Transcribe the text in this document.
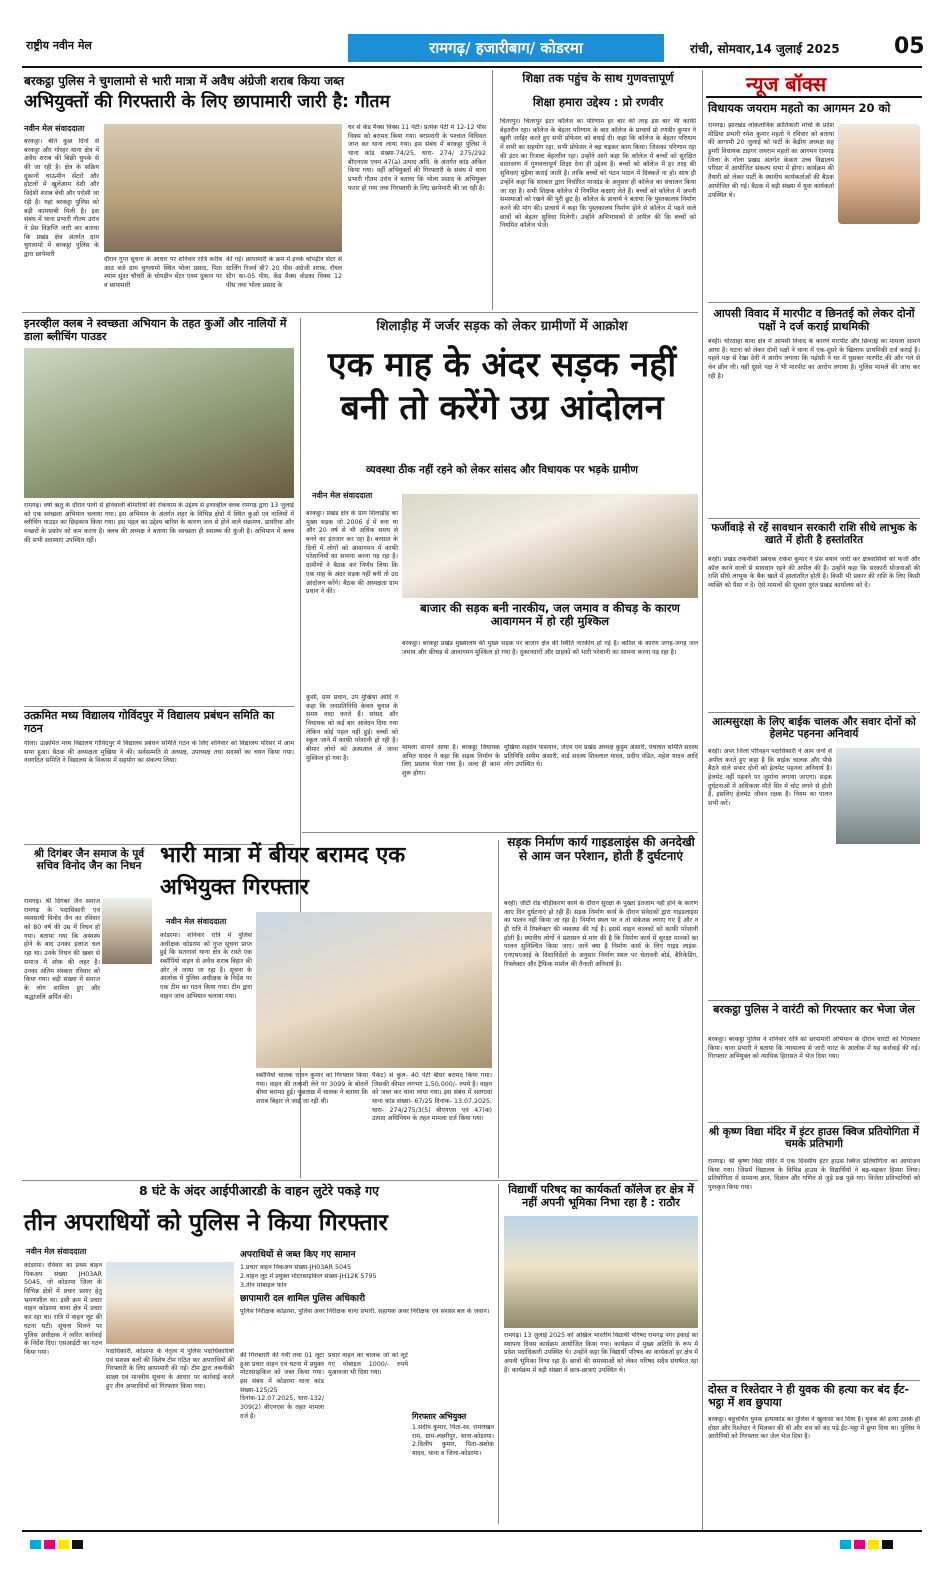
राष्ट्रीय नवीन मेल	रामगढ़/ हजारीबाग/ कोडरमा	रांची, सोमवार,14 जुलाई 2025 05
बरकट्ठा पुलिस ने चुगलामो से भारी मात्रा में अवैध अंग्रेजी शराब किया जब्त
अभियुक्तों की गिरफ्तारी के लिए छापामारी जारी है: गौतम
नवीन मेल संवाददाता
बरकट्ठा। बीते कुछ दिनों से बरकट्ठा और गोरहर थाना क्षेत्र में अवैध शराब की बिक्री चुपके से की जा रही है। क्षेत्र के सक्रिय दुकानों चाऊमीन सेंटरों और होटलों में खुलेआम देशी और विदेशी शराब बेची और परोसी जा रही है। यहां बरकट्ठा पुलिस को बड़ी कामयाबी मिली है। इस संबंध में थाना प्रभारी गौतम उरांव ने प्रेस विज्ञप्ति जारी कर बताया कि प्रखंड क्षेत्र अंतर्गत ग्राम चुगलामो में बरकट्ठा पुलिस के द्वारा छापेमारी
दौरान गुप्त सूचना के आधार पर शनिवार रात्रि करीब आठ बजे ग्राम चुगलामो स्थित भोला प्रसाद, पिता श्याम सुंदर चौधरी के चोपड़ीन सेंटर एवम दुकान पर व छापामारी
की गई। छापामारी के क्रम में इनके चोपड़ीन सेंटर से स्टर्लिंग रिजर्व बी7 20 पीस अंग्रेजी शराब, रॉयल स्टैग का-05 पीस, केंड मैक्स वोडका विक्स 12 पीस तथा भोला प्रसाद के
घर से केंड मैक्स विक्स 11 पेटी। प्रत्येक पेटी में 12-12 पीस विक्स को बरामद किया गया। बरामदगी के पश्चात विधिवत जप्त कर थाना लाया गया। इस संबंध में बरकट्ठा पुलिस ने थाना कांड संख्या-74/25, धारा- 274/ 275/292 बीएनएस एवम 47(a) उत्पाद अधि. के अंतर्गत कांड अंकित किया गया। वहीं अभियुक्तों की गिरफ्तारी के संबंध में थाना प्रभारी गौतम उरांव ने बताया कि भोला प्रसाद के अभियुक्त फरार हो गया तथा गिरफ्तारी के लिए छापेमारी की जा रही है।
शिक्षा तक पहुंच के साथ गुणवत्तापूर्ण
शिक्षा हमारा उद्देश्य : प्रो रणवीर
चितरपुर। चितरपुर इंटर कॉलेज का परिणाम हर बार की तरह इस बार भी काफी बेहतरीन रहा। कॉलेज के बेहतर परिणाम के बाद कॉलेज के प्राचार्य प्रो रणवीर कुमार ने खुशी जाहिर करते हुए सभी प्रोफेसर को बधाई दी। कहा कि कॉलेज के बेहतर परिणाम में सभी का सहयोग रहा, सभी प्रोफेसर ने बढ़ चढ़कर काम किया। जिसका परिणाम रहा की इंटर का रिजल्ट बेहतरीन रहा। उन्होंने आगे कहा कि कॉलेज में बच्चों को सुरक्षित वातावरण में गुणवत्तापूर्ण शिक्षा देना ही उद्देश्य है। बच्चों को कॉलेज में हर तरह की सुविधाएं मुहैया कराई जाती है। ताकि बच्चों को पठन पाठन में दिक्कतें ना हो। साथ ही उन्होंने कहा कि सरकार द्वारा निर्धारित मापदंड के अनुसार ही कॉलेज का संचालन किया जा रहा है। सभी शिक्षक कॉलेज में नियमित कक्षाएं लेते हैं। बच्चों को कॉलेज में अपनी समस्याओं को रखने की पूरी छूट है। कॉलेज के प्राचार्य ने बताया कि पुस्तकालय निर्माण करने की मांग की। प्राचार्य ने कहा कि पुस्तकालय निर्माण होने से कॉलेज में पढ़ने वाले छात्रों को बेहतर सुविधा मिलेगी। उन्होंने अभिभावकों से अपील की कि बच्चों को नियमित कॉलेज भेजें।
न्यूज बॉक्स
विधायक जयराम महतो का आगमन 20 को
रामगढ़। झारखंड लोकतांत्रिक क्रांतिकारी मोर्चा के प्रदेश मीडिया प्रभारी रमेश कुमार महतो ने रविवार को बताया की आगामी 20 जुलाई को पार्टी के केंद्रीय अध्यक्ष सह डुमरी विधायक टाइगर जयराम महतो का आगमन रामगढ़ जिला के गोला प्रखंड अंतर्गत केकरा उच्च विद्यालय परिसर में आयोजित संकल्प सभा में होगा। कार्यक्रम की तैयारी को लेकर पार्टी के स्थानीय कार्यकर्ताओं की बैठक आयोजित की गई। बैठक में बड़ी संख्या में युवा कार्यकर्ता उपस्थित थे।
आपसी विवाद में मारपीट व छिनतई को लेकर दोनों पक्षों ने दर्ज कराई प्राथमिकी
बरही। चोरदाहा थाना क्षेत्र में आपसी विवाद के कारण मारपीट और छिनतई का मामला सामने आया है। घटना को लेकर दोनों पक्षों ने थाना में एक-दूसरे के खिलाफ प्राथमिकी दर्ज कराई है। पहले पक्ष से रेखा देवी ने आरोप लगाया कि पड़ोसी ने घर में घुसकर मारपीट की और गले से चेन छीन ली। वहीं दूसरे पक्ष ने भी मारपीट का आरोप लगाया है। पुलिस मामले की जांच कर रही है।
फर्जीवाड़े से रहें सावधान सरकारी राशि सीधे लाभुक के खाते में होती है हस्तांतरित
बरही। प्रखंड तकनीकी प्रबंधक राकेश कुमार ने प्रेस बयान जारी कर क्षेत्रवासियों को फर्जी और कॉल करने वालों से सावधान रहने की अपील की है। उन्होंने कहा कि सरकारी योजनाओं की राशि सीधे लाभुक के बैंक खाते में हस्तांतरित होती है। किसी भी प्रकार की राशि के लिए किसी व्यक्ति को पैसा न दें। ऐसे मामलों की सूचना तुरंत प्रखंड कार्यालय को दें।
आत्मसुरक्षा के लिए बाईक चालक और सवार दोनों को हेलमेट पहनना अनिवार्य
बरही। अपर जिला परिवहन पदाधिकारी ने आम जनों से अपील करते हुए कहा है कि बाईक चालक और पीछे बैठने वाले सवार दोनों को हेलमेट पहनना अनिवार्य है। हेलमेट नहीं पहनने पर जुर्माना लगाया जाएगा। सड़क दुर्घटनाओं में अधिकतर मौतें सिर में चोट लगने से होती हैं, इसलिए हेलमेट जीवन रक्षक है। नियम का पालन सभी करें।
बरकट्ठा पुलिस ने वारंटी को गिरफ्तार कर भेजा जेल
बरकट्ठा। बरकट्ठा पुलिस ने शनिवार रात्रि को छापामारी अभियान के दौरान वारंटी को गिरफ्तार किया। थाना प्रभारी ने बताया कि न्यायालय से जारी वारंट के आलोक में यह कार्रवाई की गई। गिरफ्तार अभियुक्त को न्यायिक हिरासत में भेज दिया गया।
श्री कृष्ण विद्या मंदिर में इंटर हाउस क्विज प्रतियोगिता में चमके प्रतिभागी
रामगढ़। श्री कृष्ण विद्या मंदिर में एक दिवसीय इंटर हाउस क्विज प्रतियोगिता का आयोजन किया गया। जिसमें विद्यालय के विभिन्न हाउस के विद्यार्थियों ने बढ़-चढ़कर हिस्सा लिया। प्रतियोगिता में सामान्य ज्ञान, विज्ञान और गणित से जुड़े प्रश्न पूछे गए। विजेता प्रतिभागियों को पुरस्कृत किया गया।
दोस्त व रिश्तेदार ने ही युवक की हत्या कर बंद ईंट-भट्ठा में शव छुपाया
बरकट्ठा। बहुचर्चित युवक हत्याकांड का पुलिस ने खुलासा कर दिया है। युवक की हत्या उसके ही दोस्त और रिश्तेदार ने मिलकर की थी और शव को बंद पड़े ईंट-भट्ठा में छुपा दिया था। पुलिस ने आरोपियों को गिरफ्तार कर जेल भेज दिया है।
इनरव्हील क्लब ने स्वच्छता अभियान के तहत कुओं और नालियों में डाला ब्लीचिंग पाउडर
रामगढ़। वर्षा ऋतु के दौरान पानी से होनेवाली बीमारियों की रोकथाम के उद्देश्य से इनरव्हील क्लब रामगढ़ द्वारा 13 जुलाई को एक स्वच्छता अभियान चलाया गया। इस अभियान के अंतर्गत शहर के विभिन्न क्षेत्रों में स्थित कुओं एवं नालियों में ब्लीचिंग पाउडर का छिड़काव किया गया। इस पहल का उद्देश्य बारिश के कारण जल से होने वाले संक्रमण, डायरिया और मच्छरों के प्रकोप को कम करना है। क्लब की अध्यक्ष ने बताया कि स्वच्छता ही स्वास्थ्य की कुंजी है। अभियान में क्लब की सभी सदस्याएं उपस्थित रहीं।
उत्क्रमित मध्य विद्यालय गोविंदपुर में विद्यालय प्रबंधन समिति का गठन
गोला। उत्क्रमित मध्य विद्यालय गोविंदपुर में विद्यालय प्रबंधन समिति गठन के लिए शनिवार को विद्यालय परिसर में आम सभा हुआ। बैठक की अध्यक्षता मुखिया ने की। सर्वसम्मति से अध्यक्ष, उपाध्यक्ष तथा सदस्यों का चयन किया गया। नवगठित समिति ने विद्यालय के विकास में सहयोग का संकल्प लिया।
श्री दिगंबर जैन समाज के पूर्व सचिव विनोद जैन का निधन
रामगढ़। श्री दिगंबर जैन समाज रामगढ़ के पदाधिकारी एवं व्यवसायी विनोद जैन का रविवार को 80 वर्ष की उम्र में निधन हो गया। बताया गया कि अस्वस्थ होने के बाद उनका इलाज चल रहा था। उनके निधन की खबर से समाज में शोक की लहर है। उनका अंतिम संस्कार रविवार को किया गया। बड़ी संख्या में समाज के लोग शामिल हुए और श्रद्धांजलि अर्पित की।
शिलाड़ीह में जर्जर सड़क को लेकर ग्रामीणों में आक्रोश
एक माह के अंदर सड़क नहीं बनी तो करेंगे उग्र आंदोलन
व्यवस्था ठीक नहीं रहने को लेकर सांसद और विधायक पर भड़के ग्रामीण
नवीन मेल संवाददाता
बरकट्ठा। प्रखंड क्षेत्र के ग्राम शिलाड़ीह का मुख्य सड़क जो 2006 ई में बना था और 20 वर्ष से भी अधिक समय से बनने का इंतजार कर रहा है। बरसात के दिनों में लोगों को आवागमन में काफी परेशानियों का सामना करना पड़ रहा है। ग्रामीणों ने बैठक कर निर्णय लिया कि एक माह के अंदर सड़क नहीं बनी तो उग्र आंदोलन करेंगे। बैठक की अध्यक्षता ग्राम प्रधान ने की।
कुर्सी, ग्राम प्रधान, उप मुखिया आदि ने कहा कि जनप्रतिनिधि केवल चुनाव के समय वादा करते हैं। सांसद और विधायक को कई बार आवेदन दिया गया लेकिन कोई पहल नहीं हुई। बच्चों को स्कूल जाने में काफी परेशानी हो रही है। बीमार लोगों को अस्पताल ले जाना मुश्किल हो गया है।
बाजार की सड़क बनी नारकीय, जल जमाव व कीचड़ के कारण आवागमन में हो रही मुश्किल
बरकट्ठा। बरकट्ठा प्रखंड मुख्यालय की मुख्य सड़क पर बाजार क्षेत्र की स्थिति नारकीय हो गई है। बारिश के कारण जगह-जगह जल जमाव और कीचड़ से आवागमन मुश्किल हो गया है। दुकानदारों और ग्राहकों को भारी परेशानी का सामना करना पड़ रहा है।
मामला सामने आया है। बरकट्ठा विधायक अमित यादव ने कहा कि सड़क निर्माण के लिए प्रस्ताव भेजा गया है। जल्द ही काम शुरू होगा।
मुखिया सहदेव पासवान, जेएम एम प्रखंड अध्यक्ष कुड़ुम अंसारी, पंचायत समिति सदस्य प्रतिनिधि समीम अंसारी, वार्ड सदस्य शिवलाल यादव, प्रदीप पंडित, महेश यादव आदि लोग उपस्थित थे।
भारी मात्रा में बीयर बरामद एक अभियुक्त गिरफ्तार
नवीन मेल संवाददाता
कोडरमा। शनिवार रात्रि में पुलिस अधीक्षक कोडरमा को गुप्त सूचना प्राप्त हुई कि सतगावां थाना क्षेत्र के रास्ते एक स्कॉर्पियो वाहन से अवैध शराब बिहार की ओर ले जाया जा रहा है। सूचना के आलोक में पुलिस अधीक्षक के निर्देश पर एक टीम का गठन किया गया। टीम द्वारा वाहन जांच अभियान चलाया गया।
स्कॉर्पियो चालक राजन कुमार को गिरफ्तार किया गया। वाहन की तलाशी लेने पर 3099 के बोतलें बीयर बरामद हुई। पूछताछ में चालक ने बताया कि शराब बिहार ले जाई जा रही थी।
पैकेट) से कुल- 40 पेटी बीयर बरामद किया गया। जिसकी कीमत लगभग 1,50,000/- रुपये है। वाहन को जब्त कर थाना लाया गया। इस संबंध में सतगावां थाना कांड संख्या- 67/25 दिनांक- 13.07.2025, धारा- 274/275/3(5) बीएनएस एवं 47(क) उत्पाद अधिनियम के तहत मामला दर्ज किया गया।
सड़क निर्माण कार्य गाइडलाइंस की अनदेखी से आम जन परेशान, होती हैं दुर्घटनाएं
बरही। जीटी रोड चौड़ीकरण कार्य के दौरान सुरक्षा के पुख्ता इंतजाम नहीं होने के कारण आए दिन दुर्घटनाएं हो रही हैं। सड़क निर्माण कार्य के दौरान संवेदकों द्वारा गाइडलाइंस का पालन नहीं किया जा रहा है। निर्माण स्थल पर न तो संकेतक लगाए गए हैं और न ही रात्रि में रिफ्लेक्टर की व्यवस्था की गई है। इससे वाहन चालकों को काफी परेशानी होती है। स्थानीय लोगों ने प्रशासन से मांग की है कि निर्माण कार्य में सुरक्षा मानकों का पालन सुनिश्चित किया जाए। जानें क्या है निर्माण कार्य के लिए गाइड लाइंस: एनएचएआई के दिशानिर्देशों के अनुसार निर्माण स्थल पर चेतावनी बोर्ड, बैरिकेडिंग, रिफ्लेक्टर और ट्रैफिक मार्शल की तैनाती अनिवार्य है।
8 घंटे के अंदर आईपीआरडी के वाहन लुटेरे पकड़े गए
तीन अपराधियों को पुलिस ने किया गिरफ्तार
नवीन मेल संवाददाता
कोडरमा। रविवार का प्रथम बाहन पिकअप संख्या JH03AR 5045, जो कोडरमा जिला के विभिन्न क्षेत्रों में प्रचार प्रसार हेतु भ्रमणशील था। इसी क्रम में प्रचार वाहन कोडरमा थाना क्षेत्र में प्रचार कर रहा था। रात्रि में वाहन लूट की घटना घटी। सूचना मिलने पर पुलिस अधीक्षक ने त्वरित कार्रवाई के निर्देश दिए। एसआईटी का गठन किया गया।	पदाधिकारी, कोडरमा के नेतृत्व में पुलिस पदाधिकारियों एवं सशस्त्र बलों की विशेष टीम गठित कर अपराधियों की गिरफ्तारी के लिए छापामारी की गई। टीम द्वारा तकनीकी साक्ष्य एवं मानवीय सूचना के आधार पर कार्रवाई करते हुए तीन अपराधियों को गिरफ्तार किया गया।
अपराधियों से जब्त किए गए सामान
1.प्रचार वाहन पिकअप संख्या-JH03AR 5045
2.वाहन लूट में प्रयुक्त मोटरसाइकिल संख्या-JH12K 5795
3.तीन मोबाइल फोन
छापामारी दल शामिल पुलिस अधिकारी
पुलिस निरीक्षक कोडरमा, पुलिस अवर निरीक्षक थाना प्रभारी, सहायक अवर निरीक्षक एवं सशस्त्र बल के जवान।
की गिरफ्तारी की गयी तथा 01 लूटा हुआ प्रचार वाहन एवं घटना में प्रयुक्त मोटरसाइकिल को जब्त किया गया। इस संबंध में कोडरमा थाना कांड संख्या-125/25 दिनांक-12.07.2025, धारा-132/ 309(2) बीएनएस के तहत मामला दर्ज है।
प्रचार वाहन का चालक जो को लूटे गए मोबाइल 1000/- रुपये मुआवजा भी दिया गया।
गिरफ्तार अभियुक्त
1.संदीप कुमार, पिता-स्व. रामलखन राम, ग्राम-लक्ष्मीपुर, थाना-कोडरमा। 2.दिलीप कुमार, पिता-अशोक यादव, थाना व जिला-कोडरमा।
विद्यार्थी परिषद का कार्यकर्ता कॉलेज हर क्षेत्र में नहीं अपनी भूमिका निभा रहा है : राठौर
रामगढ़। 13 जुलाई 2025 को अखिल भारतीय विद्यार्थी परिषद रामगढ़ नगर इकाई का स्थापना दिवस कार्यक्रम आयोजित किया गया। कार्यक्रम में मुख्य अतिथि के रूप में प्रदेश पदाधिकारी उपस्थित थे। उन्होंने कहा कि विद्यार्थी परिषद का कार्यकर्ता हर क्षेत्र में अपनी भूमिका निभा रहा है। छात्रों की समस्याओं को लेकर परिषद सदैव संघर्षरत रहा है। कार्यक्रम में बड़ी संख्या में छात्र-छात्राएं उपस्थित थे।
